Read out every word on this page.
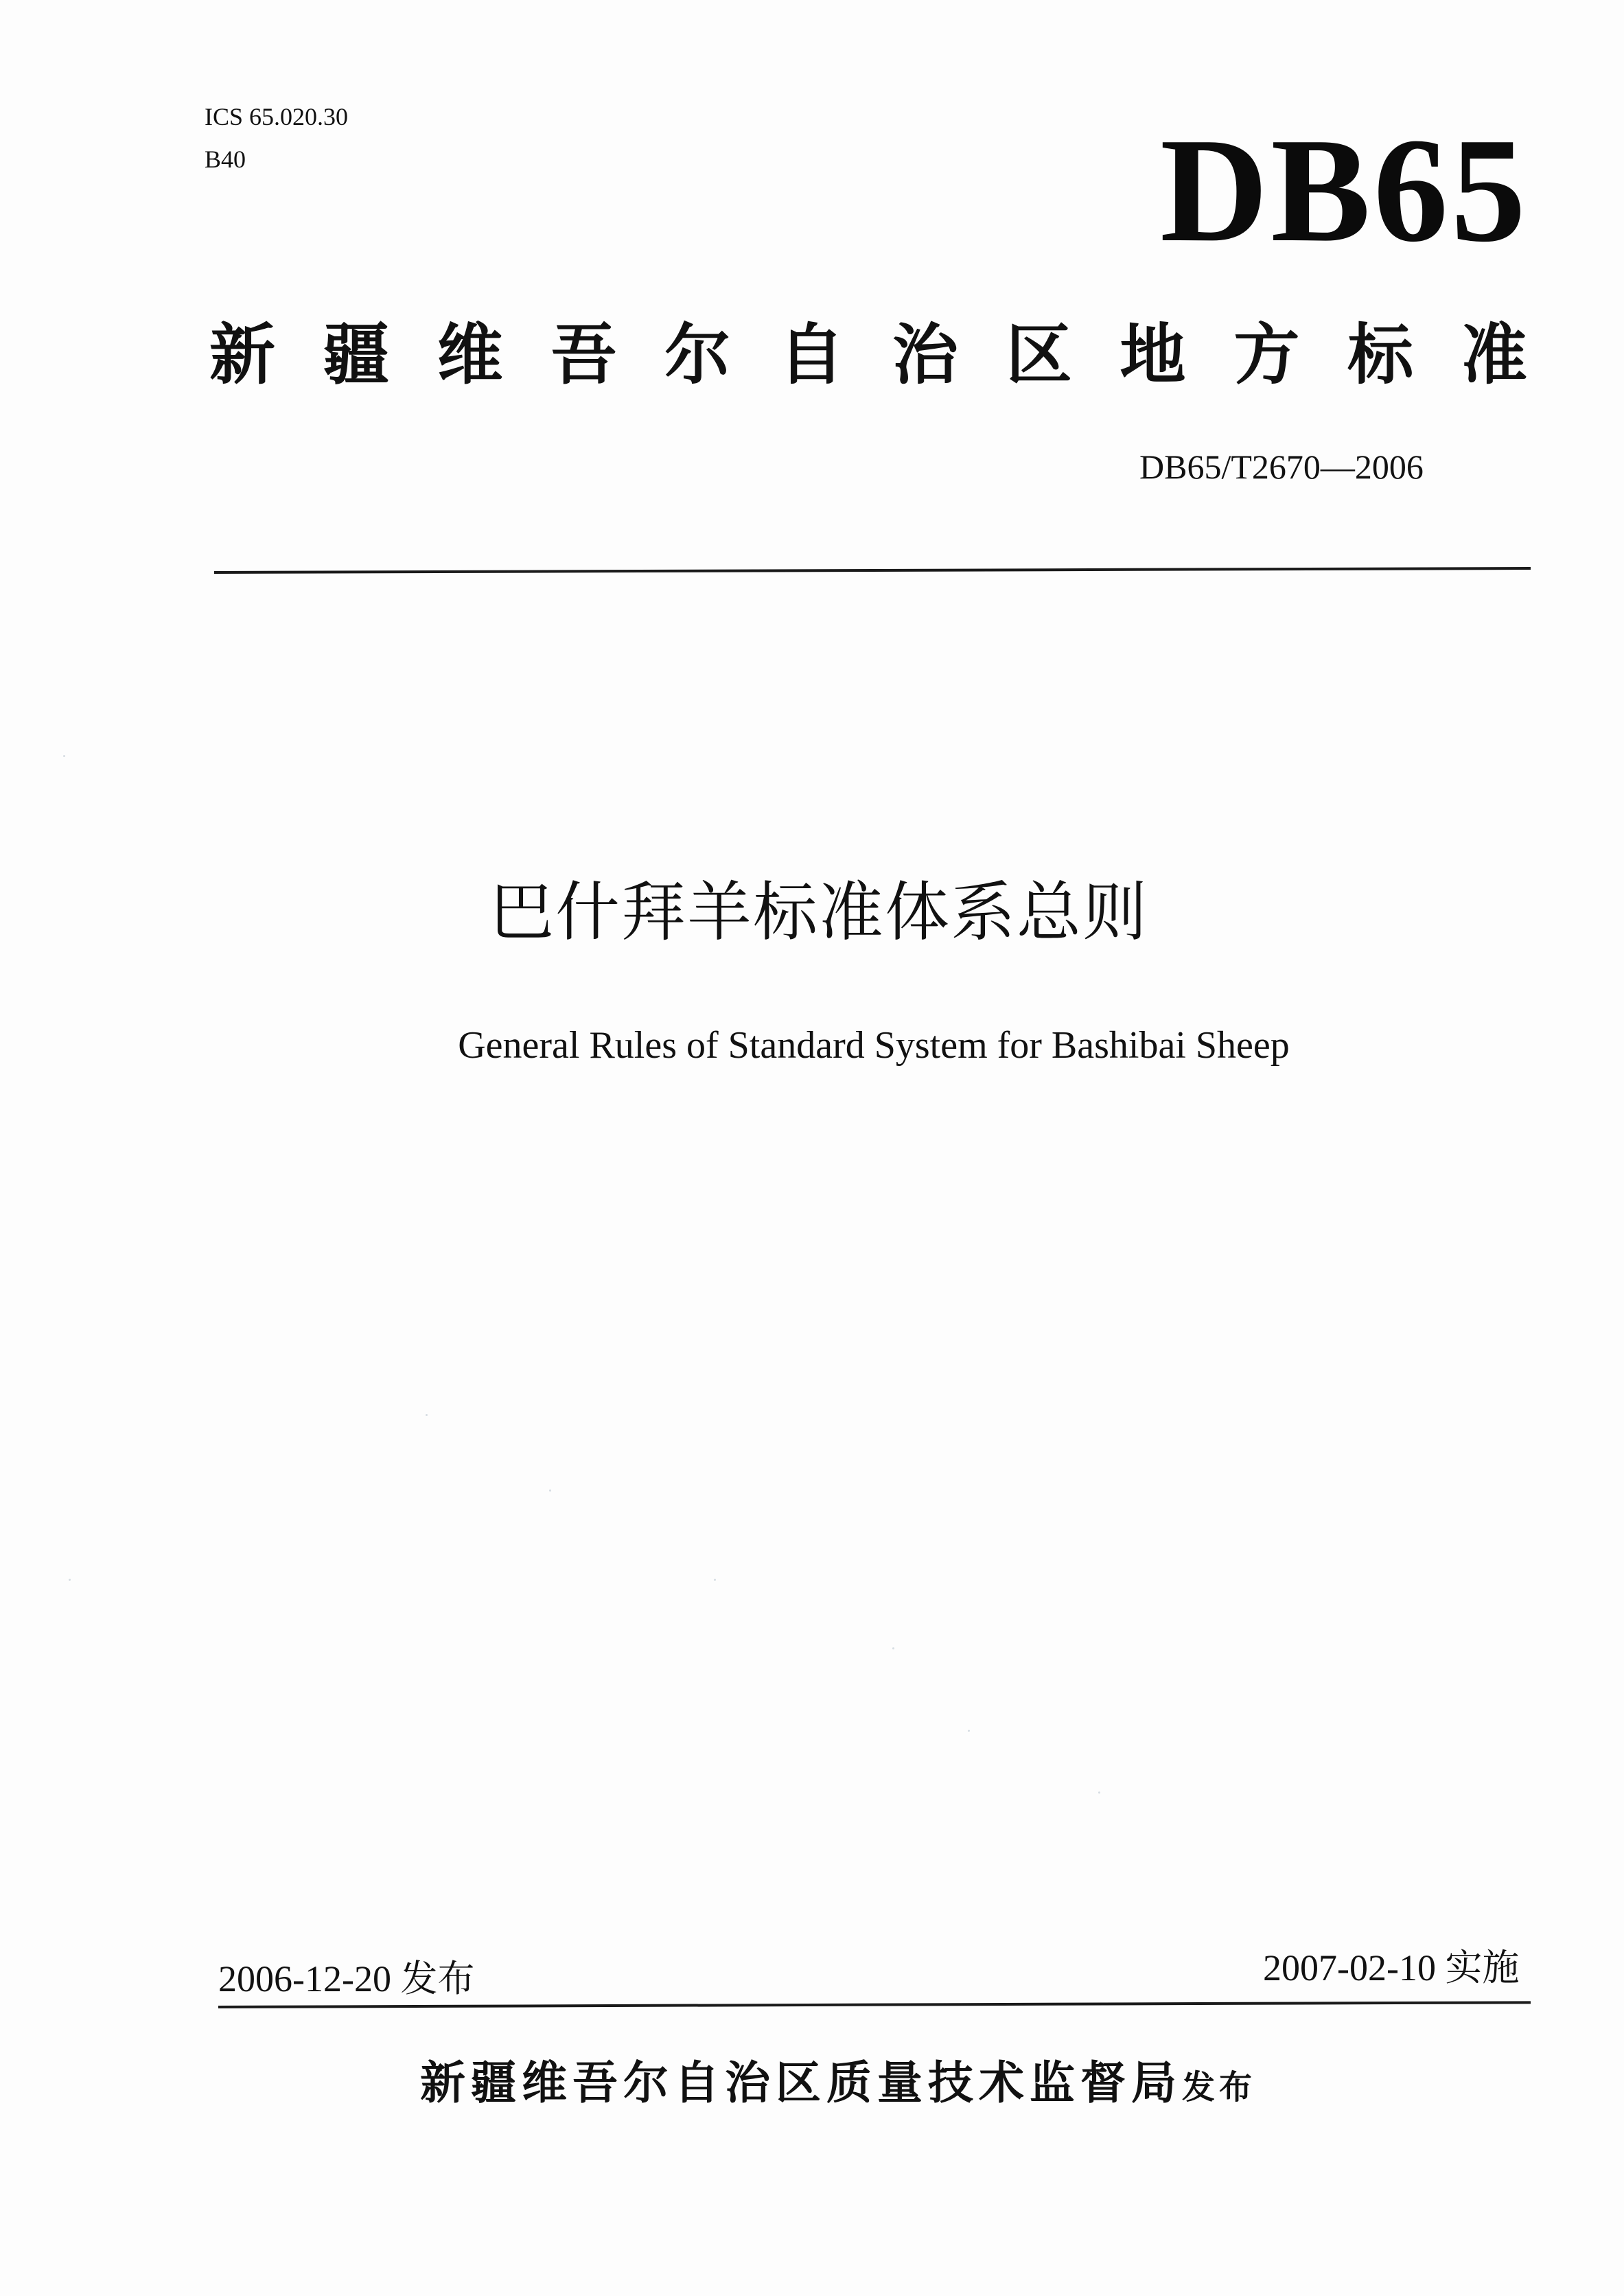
ICS 65.020.30
B40	DB65
新 疆 维 吾 尔 自 治 区 地 方 标 准
DB65/T2670—2006
巴什拜羊标准体系总则
General Rules of Standard System for Bashibai Sheep
2006-12-20 发布	2007-02-10 实施
新疆维吾尔自治区质量技术监督局发布
